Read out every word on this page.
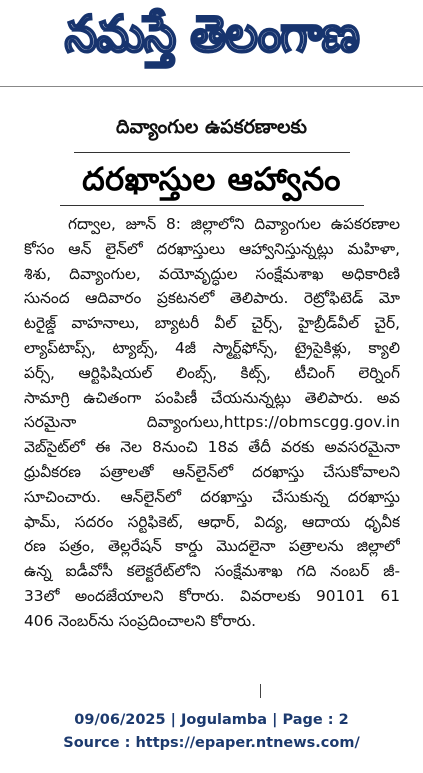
నమస్తే తెలంగాణ
దివ్యాంగుల ఉపకరణాలకు
దరఖాస్తుల ఆహ్వానం
గద్వాల, జూన్ 8: జిల్లాలోని దివ్యాంగుల ఉపకరణాల
కోసం ఆన్ లైన్‌లో దరఖాస్తులు ఆహ్వానిస్తున్నట్లు మహిళా,
శిశు, దివ్యాంగుల, వయోవృద్ధుల సంక్షేమశాఖ అధికారిణి
సునంద ఆదివారం ప్రకటనలో తెలిపారు. రెట్రోఫిటెడ్ మో
టరైజ్డ్ వాహనాలు, బ్యాటరీ వీల్ చైర్స్, హైబ్రీడ్‌వీల్ చైర్,
ల్యాప్‌టాప్స్, ట్యాబ్స్, 4జీ స్మార్ట్‌ఫోన్స్, ట్రైసైకిళ్లు, క్యాలి
పర్స్, ఆర్టిఫిషియల్ లింబ్స్, కిట్స్, టీచింగ్ లెర్నింగ్
సామాగ్రి ఉచితంగా పంపిణీ చేయనున్నట్లు తెలిపారు. అవ
సరమైనా దివ్యాంగులు,https://obmscgg.gov.in
వెబ్‌సైట్‌లో ఈ నెల 8నుంచి 18వ తేదీ వరకు అవసరమైనా
ధ్రువీకరణ పత్రాలతో ఆన్‌లైన్‌లో దరఖాస్తు చేసుకోవాలని
సూచించారు. ఆన్‌లైన్‌లో దరఖాస్తు చేసుకున్న దరఖాస్తు
ఫామ్, సదరం సర్టిఫికెట్, ఆధార్, విద్య, ఆదాయ ధృవీక
రణ పత్రం, తెల్లరేషన్ కార్డు మొదలైనా పత్రాలను జిల్లాలో
ఉన్న ఐడీవోసీ కలెక్టరేట్‌లోని సంక్షేమశాఖ గది నంబర్ జీ-
33లో అందజేయాలని కోరారు. వివరాలకు 90101 61
406 నెంబర్‌ను సంప్రదించాలని కోరారు.
09/06/2025 | Jogulamba | Page : 2
Source : https://epaper.ntnews.com/
